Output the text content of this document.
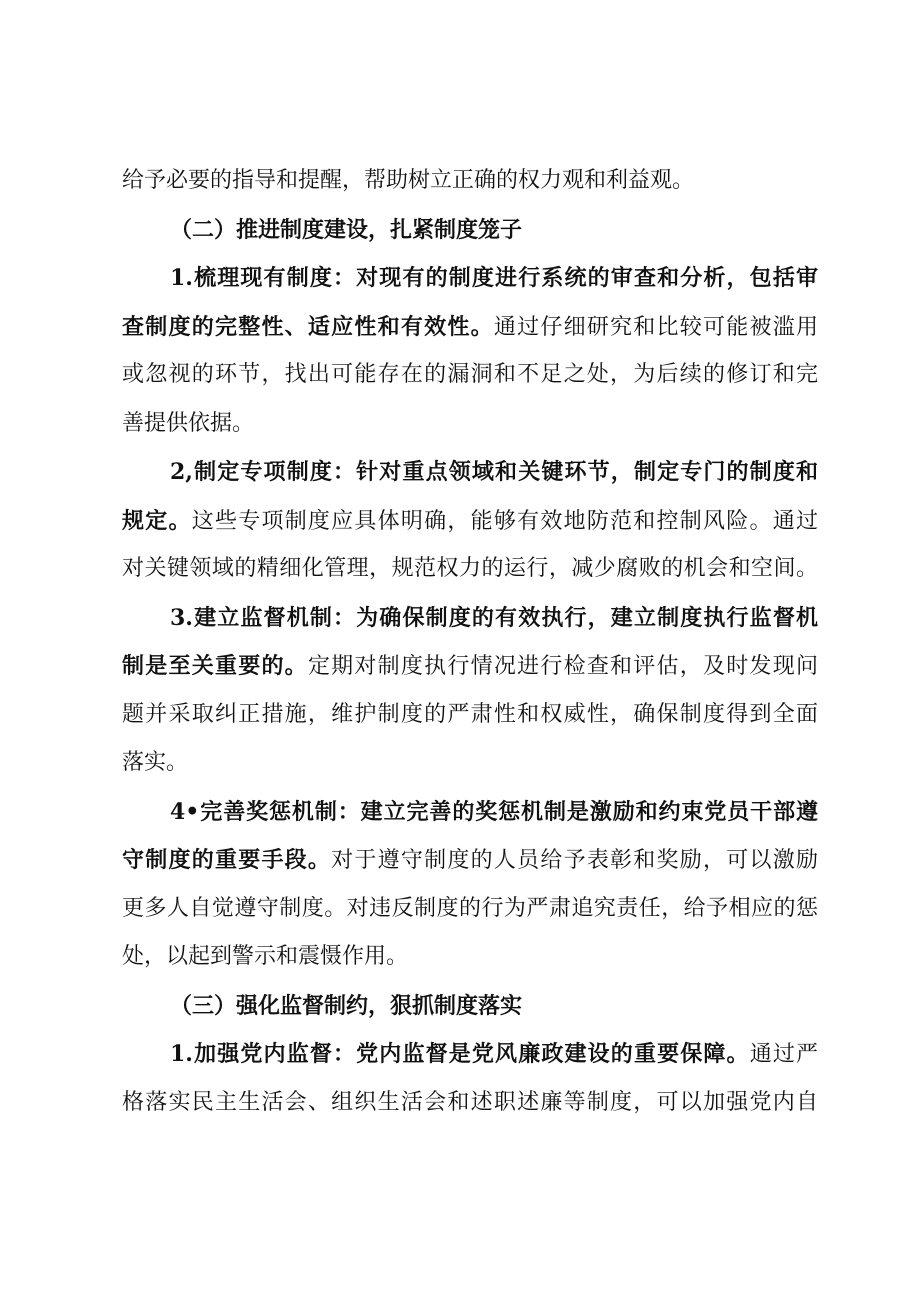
给予必要的指导和提醒，帮助树立正确的权力观和利益观。
（二）推进制度建设，扎紧制度笼子
1.梳理现有制度：对现有的制度进行系统的审查和分析，包括审
查制度的完整性、适应性和有效性。通过仔细研究和比较可能被滥用
或忽视的环节，找出可能存在的漏洞和不足之处，为后续的修订和完
善提供依据。
2,制定专项制度：针对重点领域和关键环节，制定专门的制度和
规定。这些专项制度应具体明确，能够有效地防范和控制风险。通过
对关键领域的精细化管理，规范权力的运行，减少腐败的机会和空间。
3.建立监督机制：为确保制度的有效执行，建立制度执行监督机
制是至关重要的。定期对制度执行情况进行检查和评估，及时发现问
题并采取纠正措施，维护制度的严肃性和权威性，确保制度得到全面
落实。
4•完善奖惩机制：建立完善的奖惩机制是激励和约束党员干部遵
守制度的重要手段。对于遵守制度的人员给予表彰和奖励，可以激励
更多人自觉遵守制度。对违反制度的行为严肃追究责任，给予相应的惩
处，以起到警示和震慑作用。
（三）强化监督制约，狠抓制度落实
1.加强党内监督：党内监督是党风廉政建设的重要保障。通过严
格落实民主生活会、组织生活会和述职述廉等制度，可以加强党内自
